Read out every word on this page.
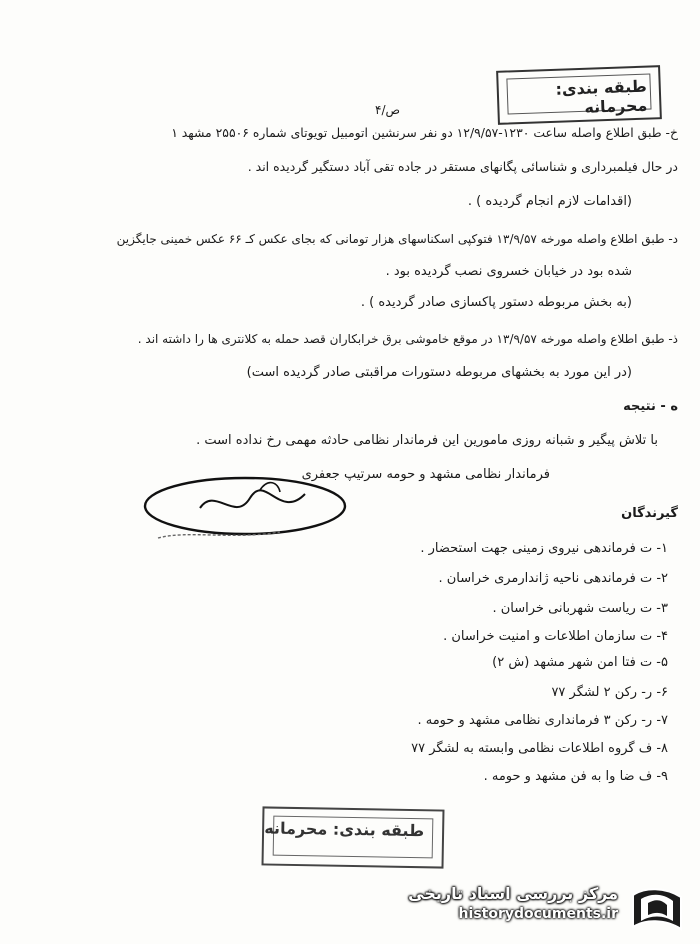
طبقه بندی: محرمانه
ص/۴
خ- طبق اطلاع واصله ساعت ۱۲۳۰-۱۲/۹/۵۷ دو نفر سرنشین اتومبیل تویوتای شماره ۲۵۵۰۶ مشهد ۱
در حال فیلمبرداری و شناسائی پگانهای مستقر در جاده تقی آباد دستگیر گردیده اند .
(اقدامات لازم انجام گردیده ) .
د- طبق اطلاع واصله مورخه ۱۳/۹/۵۷ فتوکپی اسکناسهای هزار تومانی که بجای عکس کـ ۶۶ عکس خمینی جایگزین
شده بود در خیابان خسروی نصب گردیده بود .
(به بخش مربوطه دستور پاکسازی صادر گردیده ) .
ذ- طبق اطلاع واصله مورخه ۱۳/۹/۵۷ در موقع خاموشی برق خرابکاران قصد حمله به کلانتری ها را داشته اند .
(در این مورد به بخشهای مربوطه دستورات مراقبتی صادر گردیده است)
ه - نتیجه
با تلاش پیگیر و شبانه روزی مامورین این فرماندار نظامی حادثه مهمی رخ نداده است .
فرماندار نظامی مشهد و حومه سرتیپ جعفری
گیرندگان
۱- ت فرماندهی نیروی زمینی جهت استحضار .
۲- ت فرماندهی ناحیه ژاندارمری خراسان .
۳- ت ریاست شهربانی خراسان .
۴- ت سازمان اطلاعات و امنیت خراسان .
۵- ت فتا امن شهر مشهد (ش ۲)
۶- ر- رکن ۲ لشگر ۷۷
۷- ر- رکن ۳ فرمانداری نظامی مشهد و حومه .
۸- ف گروه اطلاعات نظامی وابسته به لشگر ۷۷
۹- ف ضا وا به فن مشهد و حومه .
طبقه بندی: محرمانه
مرکز بررسی اسناد تاریخی
historydocuments.ir
